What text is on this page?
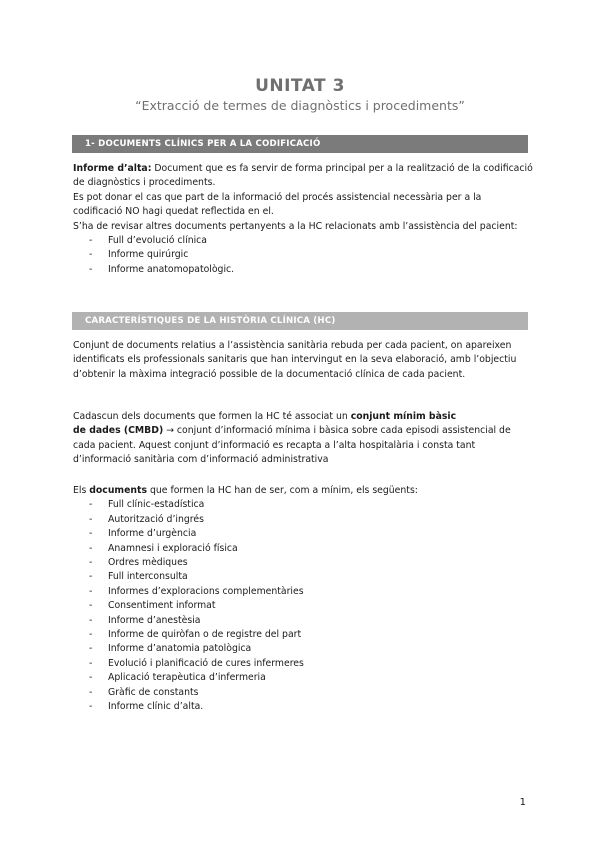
UNITAT 3
“Extracció de termes de diagnòstics i procediments”
1- DOCUMENTS CLÍNICS PER A LA CODIFICACIÓ

Informe d’alta: Document que es fa servir de forma principal per a la realització de la codificació de diagnòstics i procediments.

Es pot donar el cas que part de la informació del procés assistencial necessària per a la codificació NO hagi quedat reflectida en el.

S’ha de revisar altres documents pertanyents a la HC relacionats amb l’assistència del pacient:

- Full d’evolució clínica
- Informe quirúrgic
- Informe anatomopatològic.
CARACTERÍSTIQUES DE LA HISTÒRIA CLÍNICA (HC)

Conjunt de documents relatius a l’assistència sanitària rebuda per cada pacient, on apareixen identificats els professionals sanitaris que han intervingut en la seva elaboració, amb l’objectiu d’obtenir la màxima integració possible de la documentació clínica de cada pacient.

Cadascun dels documents que formen la HC té associat un conjunt mínim bàsic
de dades (CMBD) → conjunt d’informació mínima i bàsica sobre cada episodi assistencial de cada pacient. Aquest conjunt d’informació es recapta a l’alta hospitalària i consta tant d’informació sanitària com d’informació administrativa

Els documents que formen la HC han de ser, com a mínim, els següents:

- Full clínic-estadística
- Autorització d’ingrés
- Informe d’urgència
- Anamnesi i exploració física
- Ordres mèdiques
- Full interconsulta
- Informes d’exploracions complementàries
- Consentiment informat
- Informe d’anestèsia
- Informe de quiròfan o de registre del part
- Informe d’anatomia patològica
- Evolució i planificació de cures infermeres
- Aplicació terapèutica d’infermeria
- Gràfic de constants
- Informe clínic d’alta.
1
